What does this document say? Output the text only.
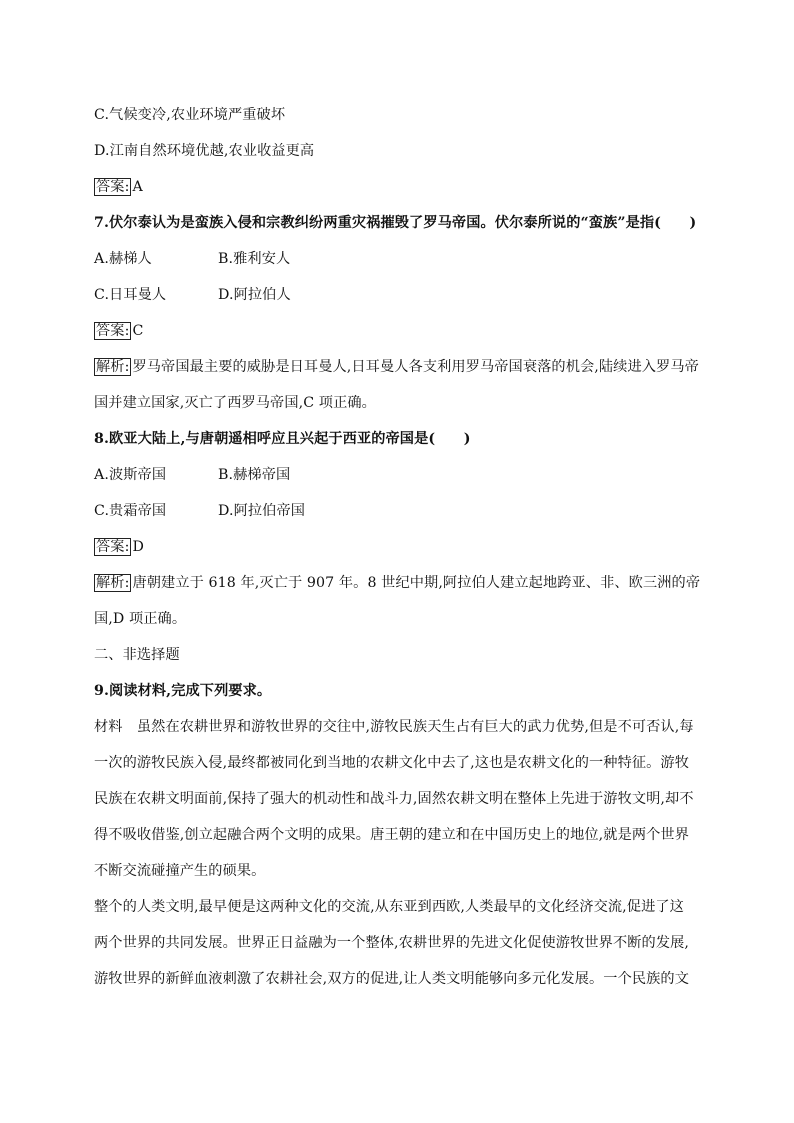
C.气候变冷,农业环境严重破坏
D.江南自然环境优越,农业收益更高
答案: A
7.伏尔泰认为是蛮族入侵和宗教纠纷两重灾祸摧毁了罗马帝国。伏尔泰所说的“蛮族”是指(　　)
A.赫梯人	B.雅利安人
C.日耳曼人	D.阿拉伯人
答案: C
解析: 罗马帝国最主要的威胁是日耳曼人,日耳曼人各支利用罗马帝国衰落的机会,陆续进入罗马帝
国并建立国家,灭亡了西罗马帝国,C 项正确。
8.欧亚大陆上,与唐朝遥相呼应且兴起于西亚的帝国是(　　)
A.波斯帝国	B.赫梯帝国
C.贵霜帝国	D.阿拉伯帝国
答案: D
解析: 唐朝建立于 618 年,灭亡于 907 年。8 世纪中期,阿拉伯人建立起地跨亚、非、欧三洲的帝
国,D 项正确。
二、非选择题
9.阅读材料,完成下列要求。
材料　虽然在农耕世界和游牧世界的交往中,游牧民族天生占有巨大的武力优势,但是不可否认,每
一次的游牧民族入侵,最终都被同化到当地的农耕文化中去了,这也是农耕文化的一种特征。游牧
民族在农耕文明面前,保持了强大的机动性和战斗力,固然农耕文明在整体上先进于游牧文明,却不
得不吸收借鉴,创立起融合两个文明的成果。唐王朝的建立和在中国历史上的地位,就是两个世界
不断交流碰撞产生的硕果。
整个的人类文明,最早便是这两种文化的交流,从东亚到西欧,人类最早的文化经济交流,促进了这
两个世界的共同发展。世界正日益融为一个整体,农耕世界的先进文化促使游牧世界不断的发展,
游牧世界的新鲜血液刺激了农耕社会,双方的促进,让人类文明能够向多元化发展。一个民族的文
